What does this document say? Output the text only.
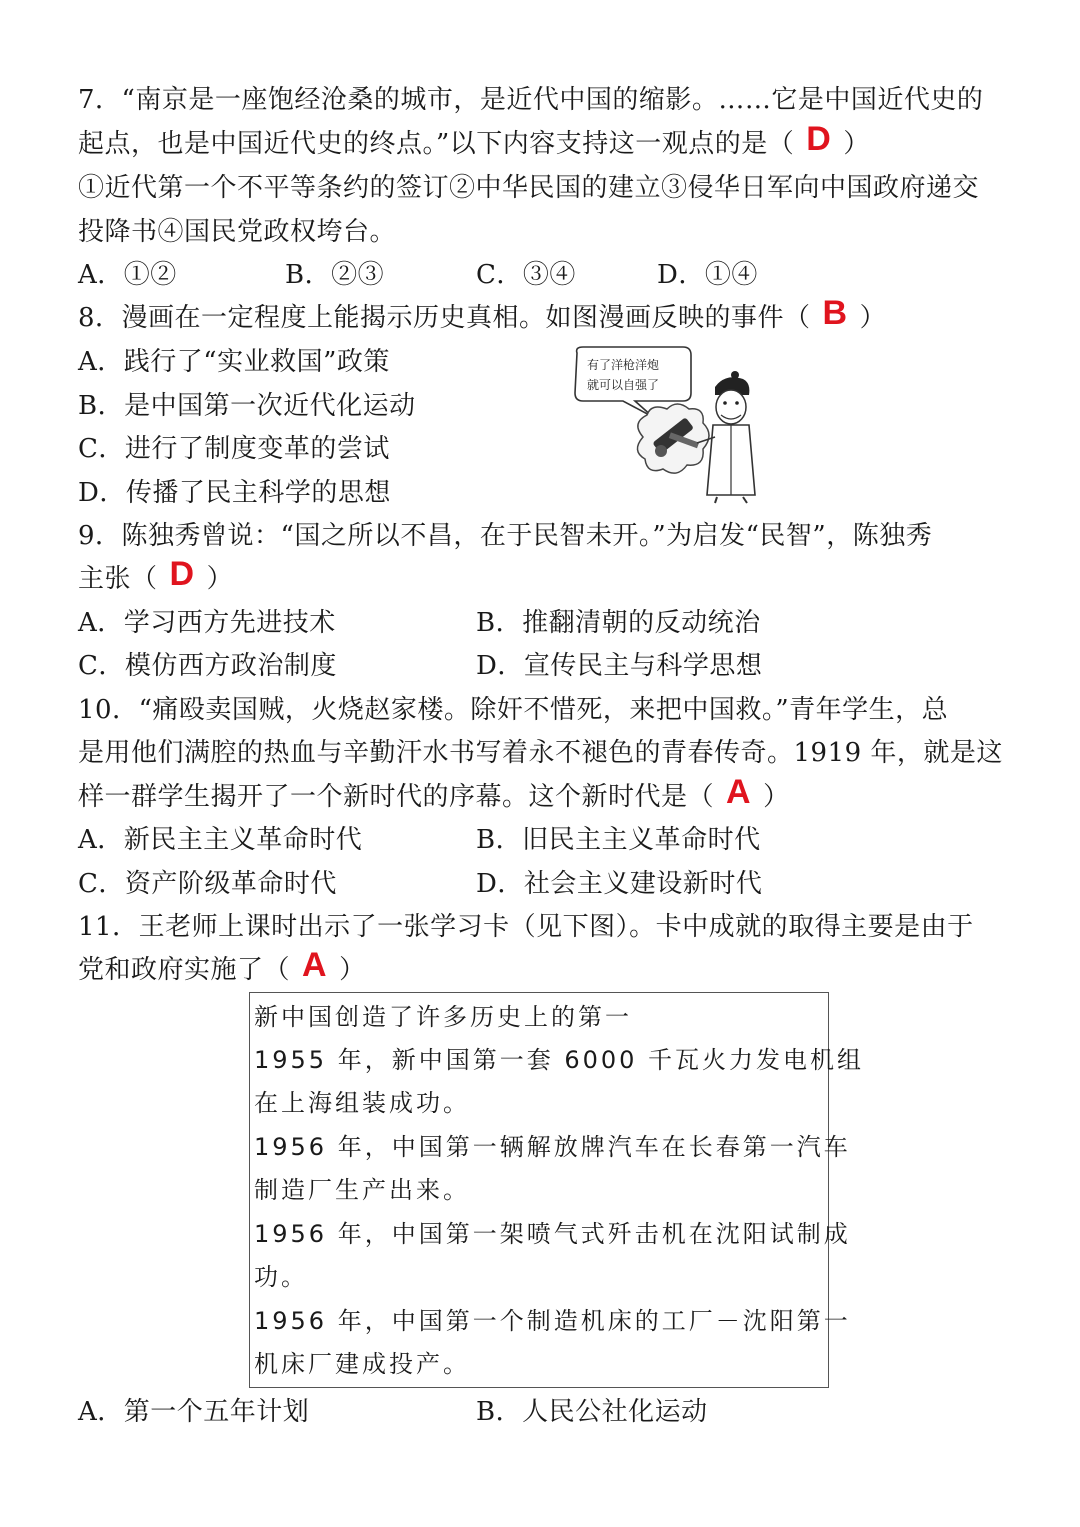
7．“南京是一座饱经沧桑的城市，是近代中国的缩影。……它是中国近代史的
起点，也是中国近代史的终点。”以下内容支持这一观点的是（ D ）
①近代第一个不平等条约的签订②中华民国的建立③侵华日军向中国政府递交
投降书④国民党政权垮台。
A．①②	B．②③	C．③④	D．①④
8．漫画在一定程度上能揭示历史真相。如图漫画反映的事件（ B ）
A．践行了“实业救国”政策
B．是中国第一次近代化运动
C．进行了制度变革的尝试
D．传播了民主科学的思想
有了洋枪洋炮
就可以自强了
9．陈独秀曾说：“国之所以不昌，在于民智未开。”为启发“民智”，陈独秀
主张（ D ）
A．学习西方先进技术	B．推翻清朝的反动统治
C．模仿西方政治制度	D．宣传民主与科学思想
10．“痛殴卖国贼，火烧赵家楼。除奸不惜死，来把中国救。”青年学生，总
是用他们满腔的热血与辛勤汗水书写着永不褪色的青春传奇。1919 年，就是这
样一群学生揭开了一个新时代的序幕。这个新时代是（ A ）
A．新民主主义革命时代	B．旧民主主义革命时代
C．资产阶级革命时代	D．社会主义建设新时代
11．王老师上课时出示了一张学习卡（见下图）。卡中成就的取得主要是由于
党和政府实施了（ A ）
新中国创造了许多历史上的第一
1955 年，新中国第一套 6000 千瓦火力发电机组
在上海组装成功。
1956 年，中国第一辆解放牌汽车在长春第一汽车
制造厂生产出来。
1956 年，中国第一架喷气式歼击机在沈阳试制成
功。
1956 年，中国第一个制造机床的工厂－沈阳第一
机床厂建成投产。
A．第一个五年计划	B．人民公社化运动
